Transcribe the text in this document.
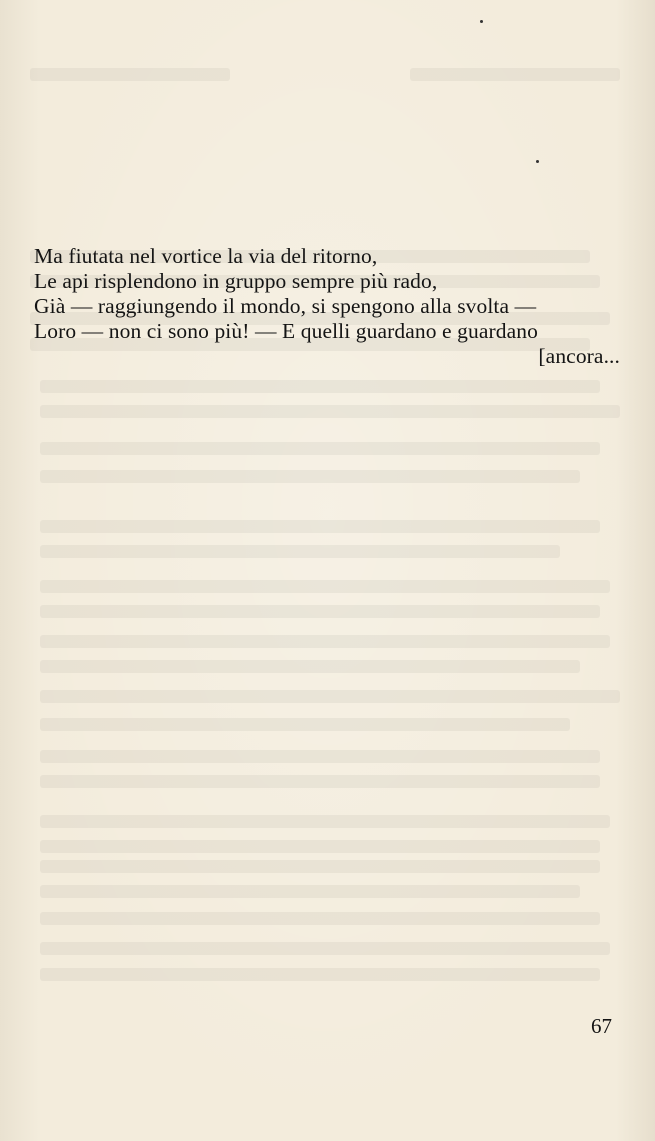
Ma fiutata nel vortice la via del ritorno,
Le api risplendono in gruppo sempre più rado,
Già — raggiungendo il mondo, si spengono alla svolta —
Loro — non ci sono più! — E quelli guardano e guardano
[ancora...
67
